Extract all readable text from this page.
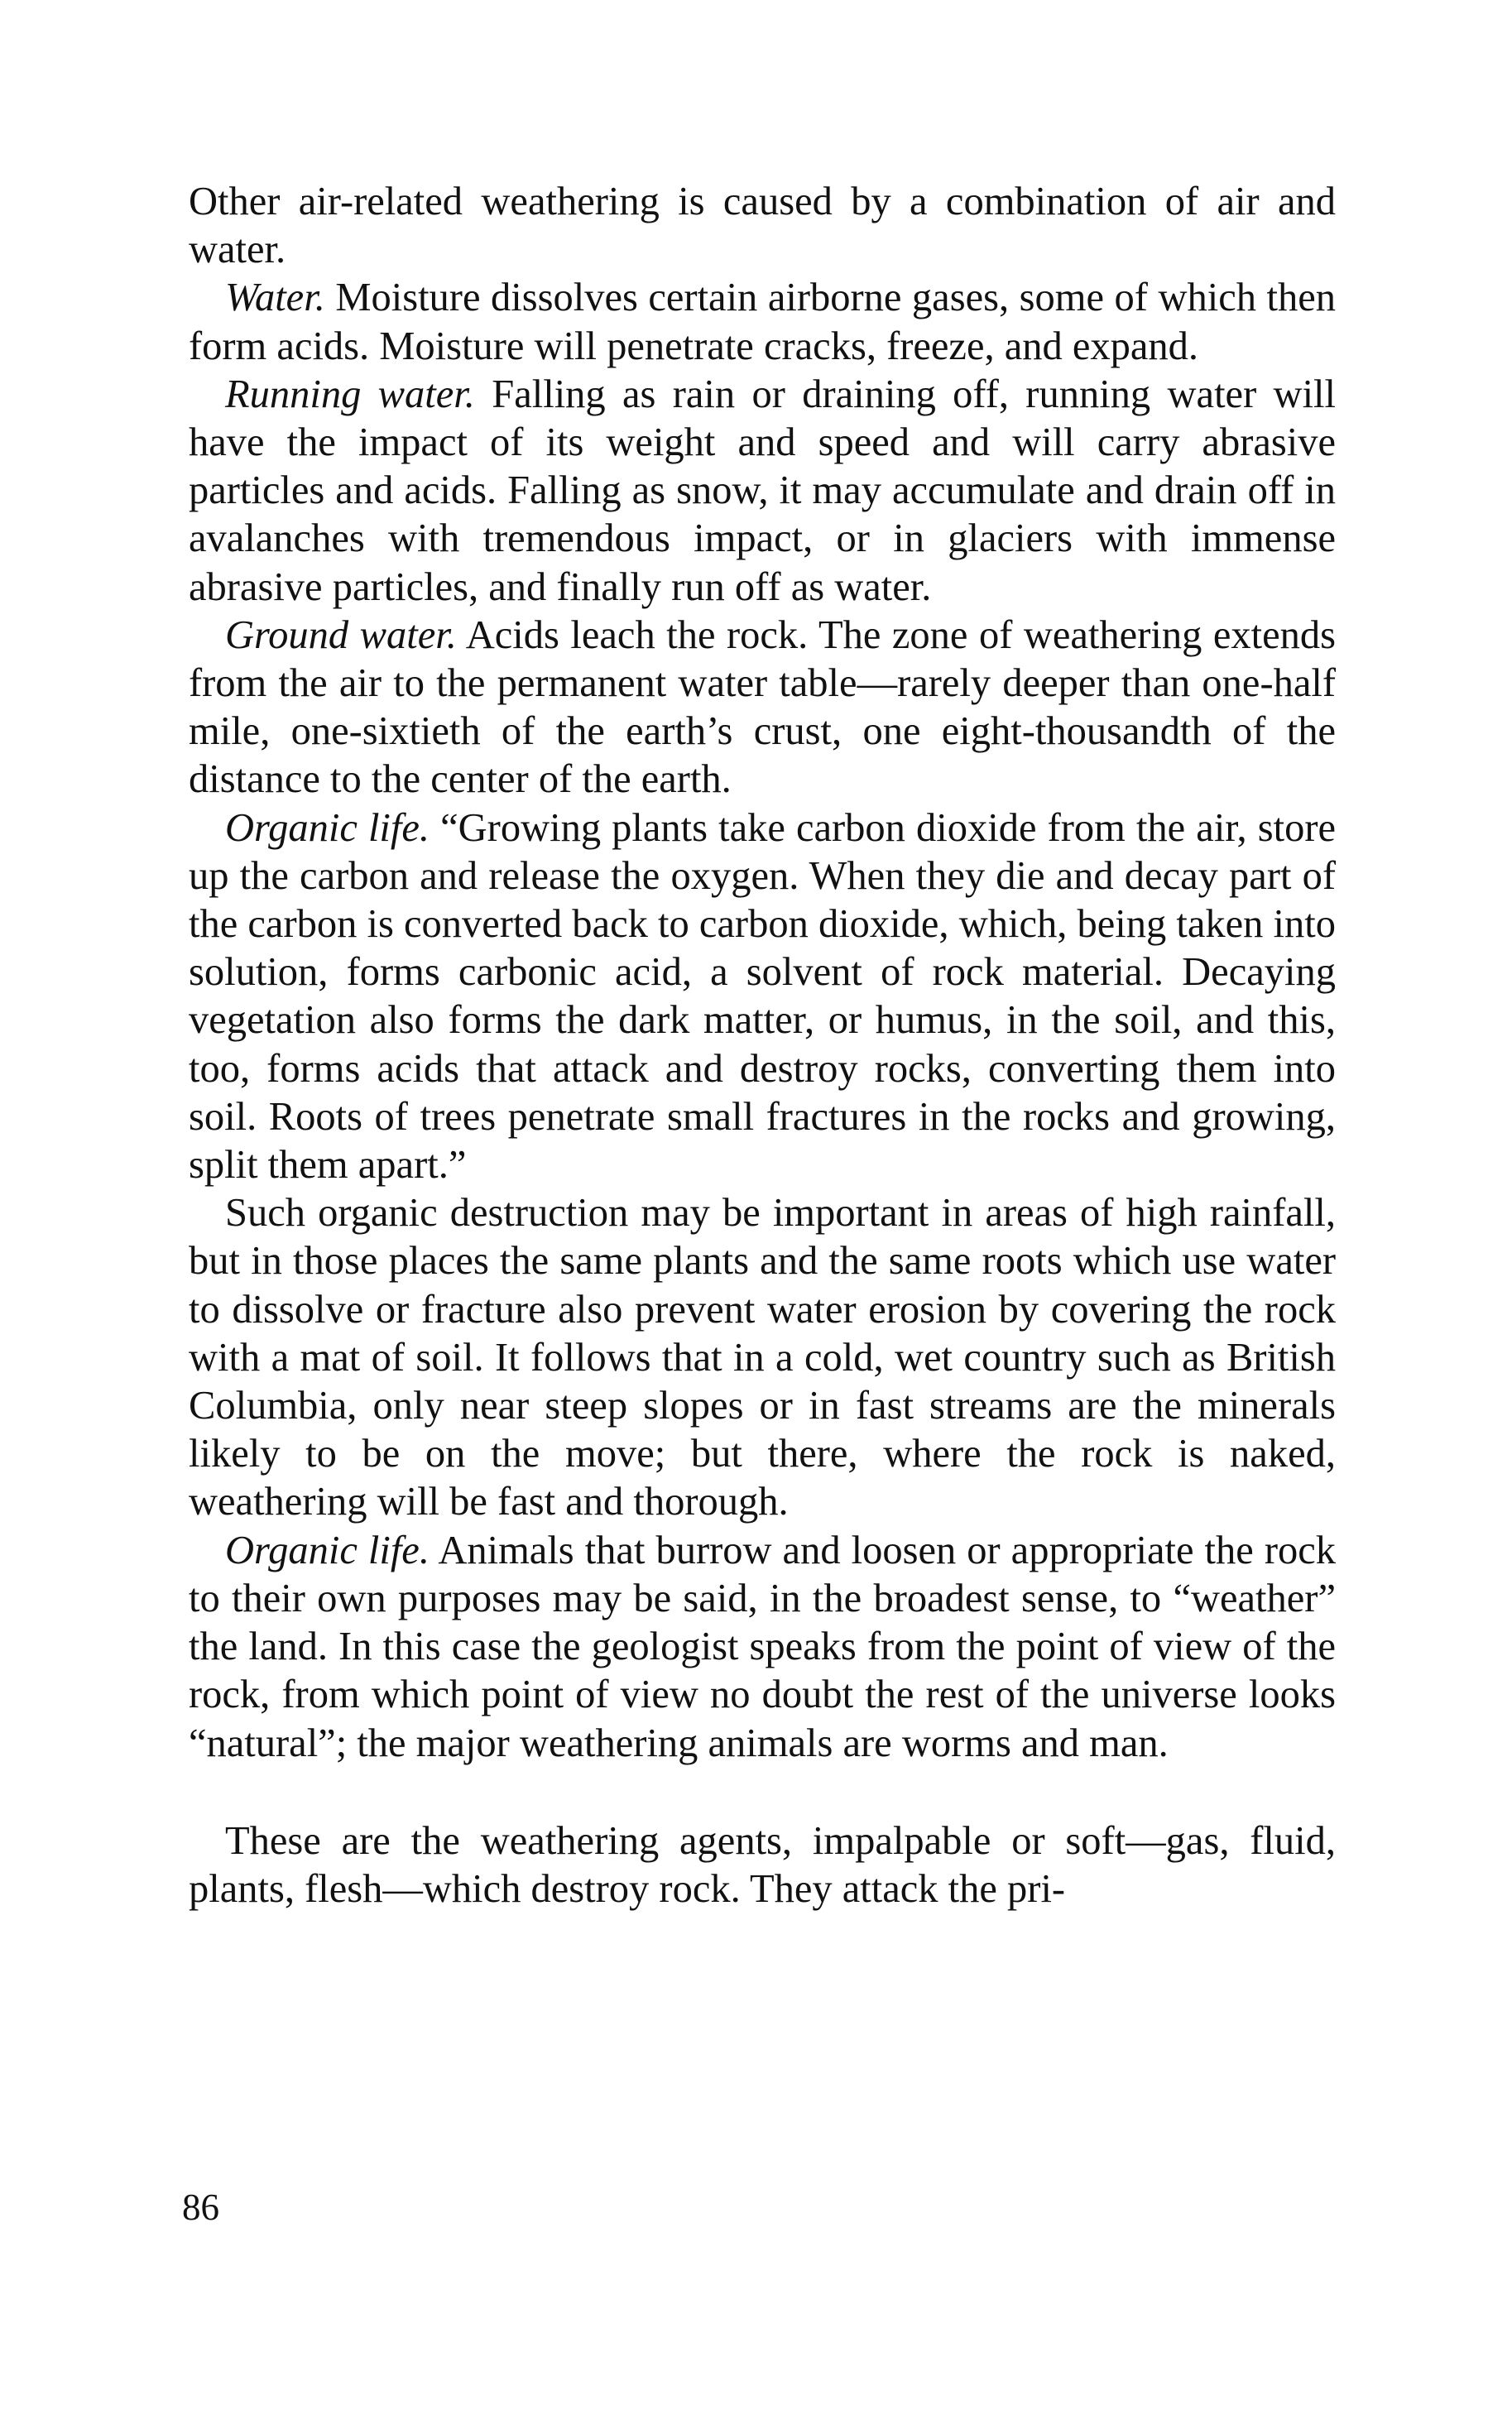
Other air-related weathering is caused by a combination of air and water.

Water. Moisture dissolves certain airborne gases, some of which then form acids. Moisture will penetrate cracks, freeze, and expand.

Running water. Falling as rain or draining off, running water will have the impact of its weight and speed and will carry abrasive particles and acids. Falling as snow, it may accumulate and drain off in avalanches with tremendous impact, or in glaciers with immense abrasive particles, and finally run off as water.

Ground water. Acids leach the rock. The zone of weathering extends from the air to the permanent water table—rarely deeper than one-half mile, one-sixtieth of the earth’s crust, one eight-thousandth of the distance to the center of the earth.

Organic life. “Growing plants take carbon dioxide from the air, store up the carbon and release the oxygen. When they die and decay part of the carbon is converted back to carbon dioxide, which, being taken into solution, forms carbonic acid, a solvent of rock material. Decaying vegetation also forms the dark matter, or humus, in the soil, and this, too, forms acids that attack and destroy rocks, converting them into soil. Roots of trees penetrate small fractures in the rocks and growing, split them apart.”

Such organic destruction may be important in areas of high rainfall, but in those places the same plants and the same roots which use water to dissolve or fracture also prevent water erosion by covering the rock with a mat of soil. It follows that in a cold, wet country such as British Columbia, only near steep slopes or in fast streams are the minerals likely to be on the move; but there, where the rock is naked, weathering will be fast and thorough.

Organic life. Animals that burrow and loosen or appropriate the rock to their own purposes may be said, in the broadest sense, to “weather” the land. In this case the geologist speaks from the point of view of the rock, from which point of view no doubt the rest of the universe looks “natural”; the major weathering animals are worms and man.

These are the weathering agents, impalpable or soft—gas, fluid, plants, flesh—which destroy rock. They attack the pri-

86
